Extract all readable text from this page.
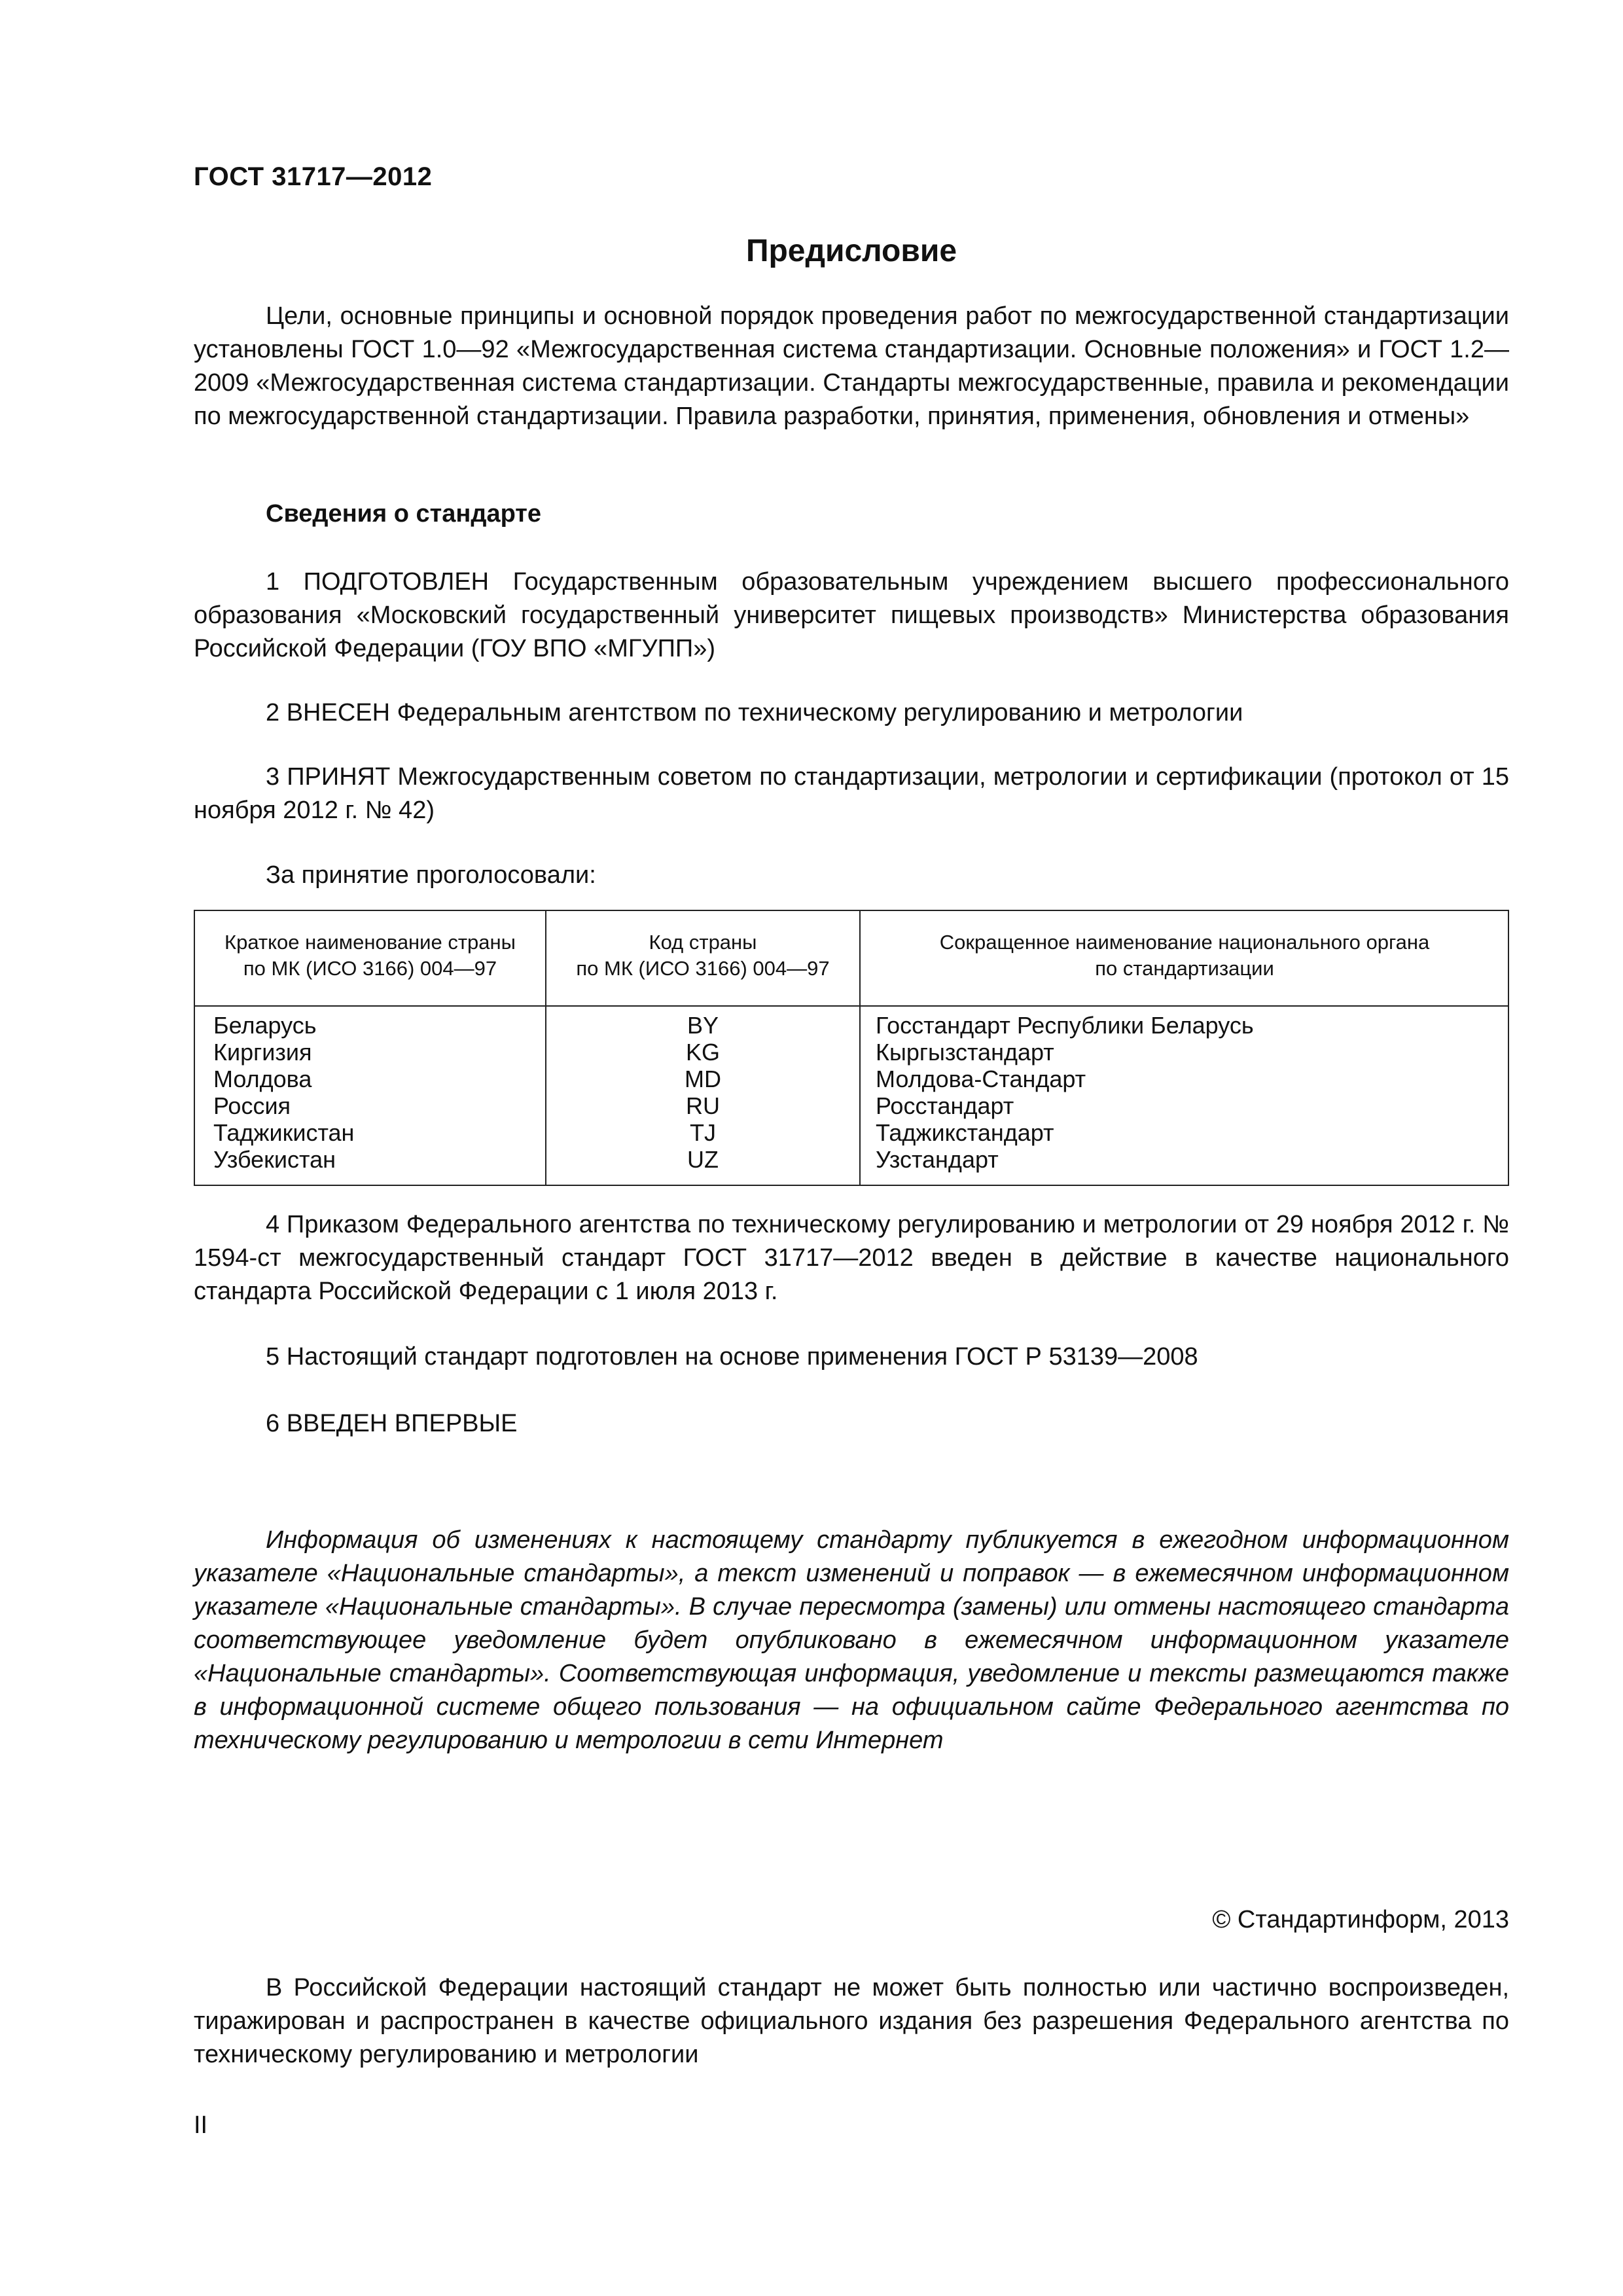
ГОСТ 31717—2012
Предисловие

Цели, основные принципы и основной порядок проведения работ по межгосударственной стандартизации установлены ГОСТ 1.0—92 «Межгосударственная система стандартизации. Основные положения» и ГОСТ 1.2—2009 «Межгосударственная система стандартизации. Стандарты межгосударственные, правила и рекомендации по межгосударственной стандартизации. Правила разработки, принятия, применения, обновления и отмены»

Сведения о стандарте

1 ПОДГОТОВЛЕН Государственным образовательным учреждением высшего профессионального образования «Московский государственный университет пищевых производств» Министерства образования Российской Федерации (ГОУ ВПО «МГУПП»)

2 ВНЕСЕН Федеральным агентством по техническому регулированию и метрологии

3 ПРИНЯТ Межгосударственным советом по стандартизации, метрологии и сертификации (протокол от 15 ноября 2012 г. № 42)

За принятие проголосовали:
Краткое наименование страны
по МК (ИСО 3166) 004—97
Код страны
по МК (ИСО 3166) 004—97
Сокращенное наименование национального органа
по стандартизации
Беларусь
Киргизия
Молдова
Россия
Таджикистан
Узбекистан
BY
KG
MD
RU
TJ
UZ
Госстандарт Республики Беларусь
Кыргызстандарт
Молдова-Стандарт
Росстандарт
Таджикстандарт
Узстандарт

4 Приказом Федерального агентства по техническому регулированию и метрологии от 29 ноября 2012 г. № 1594-ст межгосударственный стандарт ГОСТ 31717—2012 введен в действие в качестве национального стандарта Российской Федерации с 1 июля 2013 г.

5 Настоящий стандарт подготовлен на основе применения ГОСТ Р 53139—2008
6 ВВЕДЕН ВПЕРВЫЕ

Информация об изменениях к настоящему стандарту публикуется в ежегодном информационном указателе «Национальные стандарты», а текст изменений и поправок — в ежемесячном информационном указателе «Национальные стандарты». В случае пересмотра (замены) или отмены настоящего стандарта соответствующее уведомление будет опубликовано в ежемесячном информационном указателе «Национальные стандарты». Соответствующая информация, уведомление и тексты размещаются также в информационной системе общего пользования — на официальном сайте Федерального агентства по техническому регулированию и метрологии в сети Интернет

© Стандартинформ, 2013

В Российской Федерации настоящий стандарт не может быть полностью или частично воспроизведен, тиражирован и распространен в качестве официального издания без разрешения Федерального агентства по техническому регулированию и метрологии

II
